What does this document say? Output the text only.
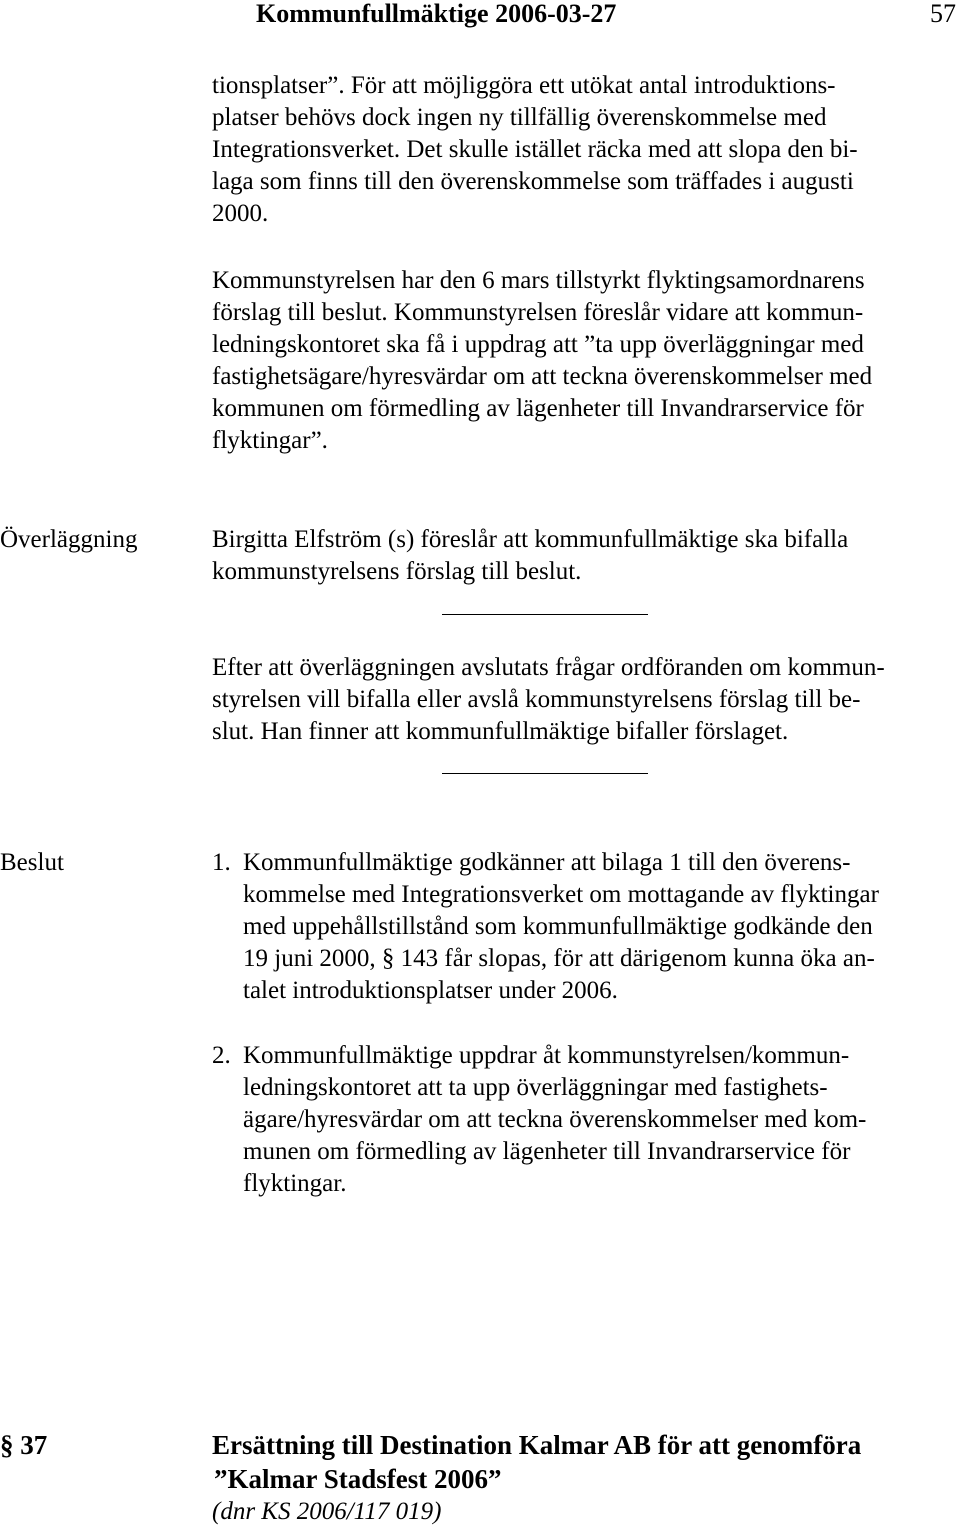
Kommunfullmäktige 2006-03-27	57

tionsplatser”. För att möjliggöra ett utökat antal introduktions-
platser behövs dock ingen ny tillfällig överenskommelse med
Integrationsverket. Det skulle istället räcka med att slopa den bi-
laga som finns till den överenskommelse som träffades i augusti
2000.

Kommunstyrelsen har den 6 mars tillstyrkt flyktingsamordnarens
förslag till beslut. Kommunstyrelsen föreslår vidare att kommun-
ledningskontoret ska få i uppdrag att ”ta upp överläggningar med
fastighetsägare/hyresvärdar om att teckna överenskommelser med
kommunen om förmedling av lägenheter till Invandrarservice för
flyktingar”.

Överläggning	Birgitta Elfström (s) föreslår att kommunfullmäktige ska bifalla
kommunstyrelsens förslag till beslut.

Efter att överläggningen avslutats frågar ordföranden om kommun-
styrelsen vill bifalla eller avslå kommunstyrelsens förslag till be-
slut. Han finner att kommunfullmäktige bifaller förslaget.

Beslut	1. Kommunfullmäktige godkänner att bilaga 1 till den överens-
kommelse med Integrationsverket om mottagande av flyktingar
med uppehållstillstånd som kommunfullmäktige godkände den
19 juni 2000, § 143 får slopas, för att därigenom kunna öka an-
talet introduktionsplatser under 2006.
2. Kommunfullmäktige uppdrar åt kommunstyrelsen/kommun-
ledningskontoret att ta upp överläggningar med fastighets-
ägare/hyresvärdar om att teckna överenskommelser med kom-
munen om förmedling av lägenheter till Invandrarservice för
flyktingar.
§ 37	Ersättning till Destination Kalmar AB för att genomföra
”Kalmar Stadsfest 2006”
(dnr KS 2006/117 019)
